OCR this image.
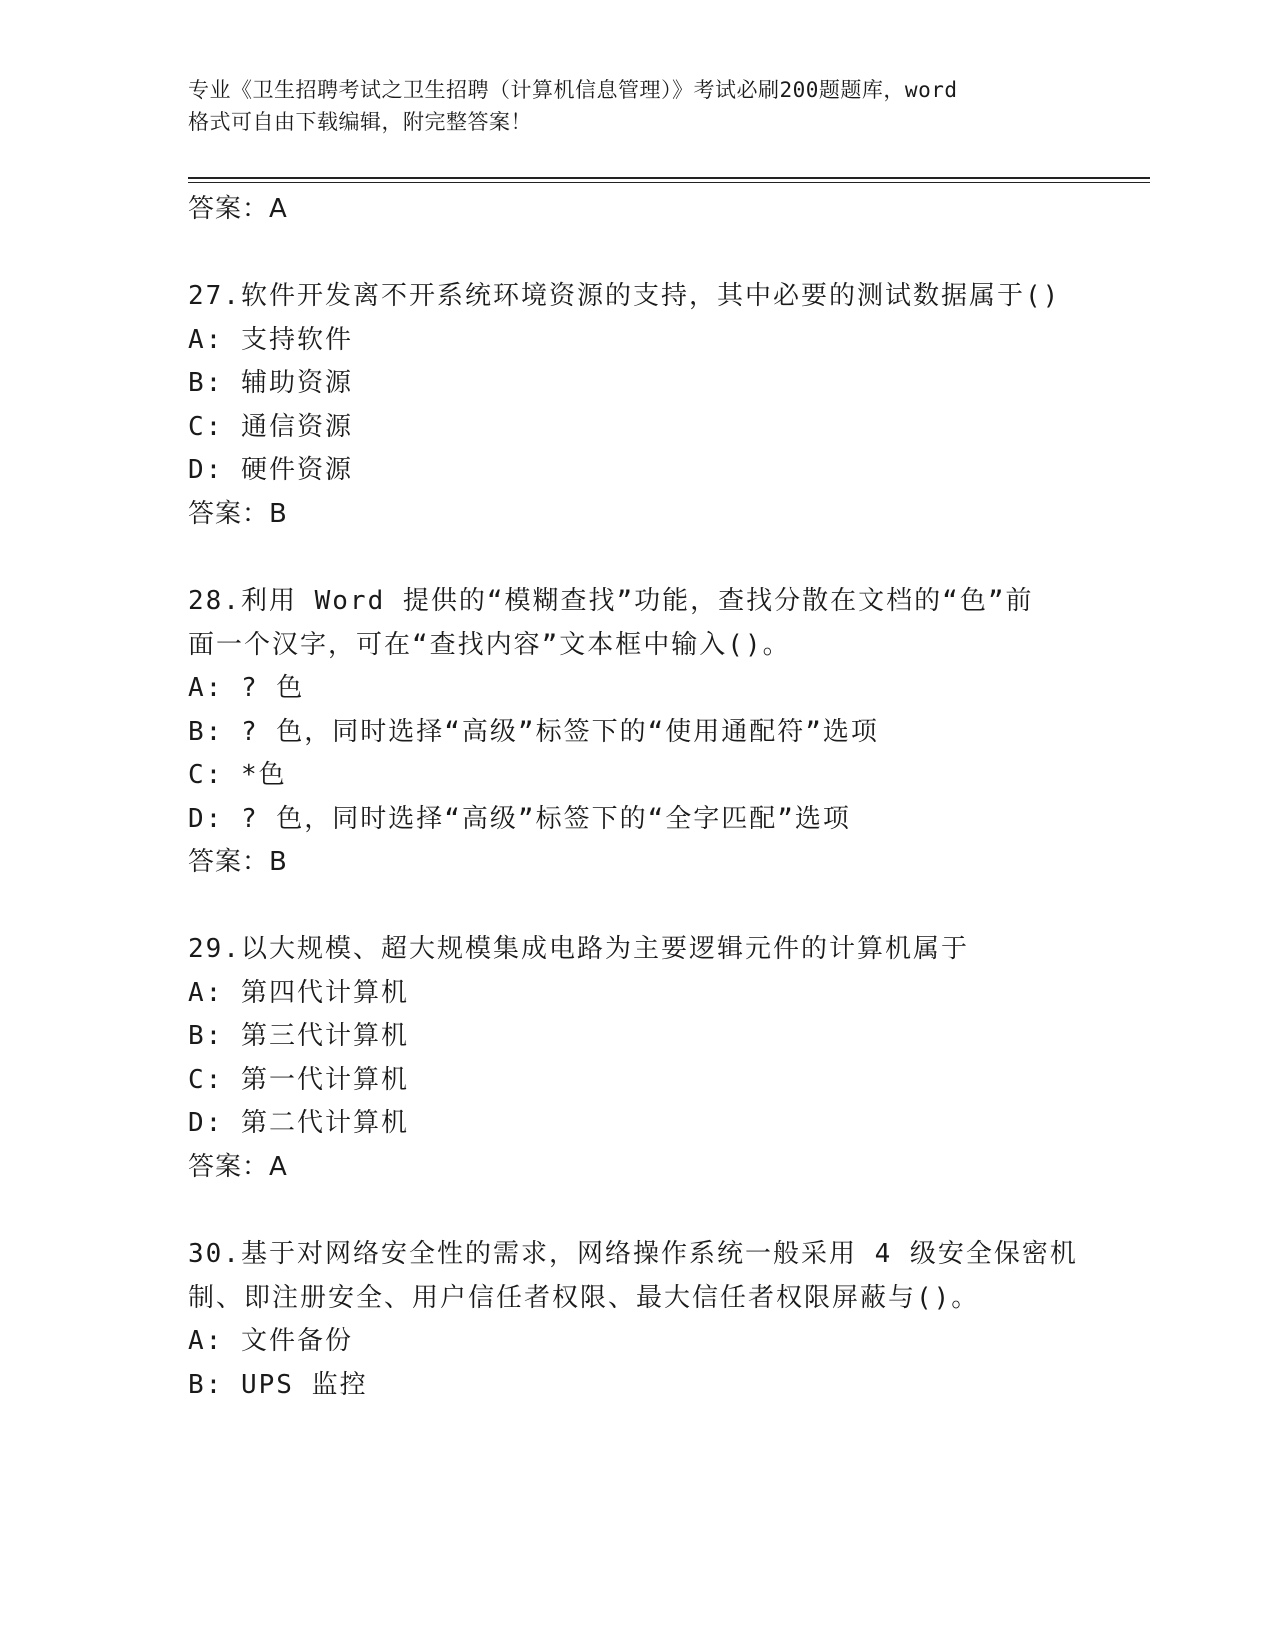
专业《卫生招聘考试之卫生招聘（计算机信息管理）》考试必刷200题题库，word
格式可自由下载编辑，附完整答案！
答案：A
27.软件开发离不开系统环境资源的支持，其中必要的测试数据属于()
A: 支持软件
B: 辅助资源
C: 通信资源
D: 硬件资源
答案：B
28.利用 Word 提供的“模糊查找”功能，查找分散在文档的“色”前
面一个汉字，可在“查找内容”文本框中输入()。
A: ? 色
B: ? 色，同时选择“高级”标签下的“使用通配符”选项
C: *色
D: ? 色，同时选择“高级”标签下的“全字匹配”选项
答案：B
29.以大规模、超大规模集成电路为主要逻辑元件的计算机属于
A: 第四代计算机
B: 第三代计算机
C: 第一代计算机
D: 第二代计算机
答案：A
30.基于对网络安全性的需求，网络操作系统一般采用 4 级安全保密机
制、即注册安全、用户信任者权限、最大信任者权限屏蔽与()。
A: 文件备份
B: UPS 监控
